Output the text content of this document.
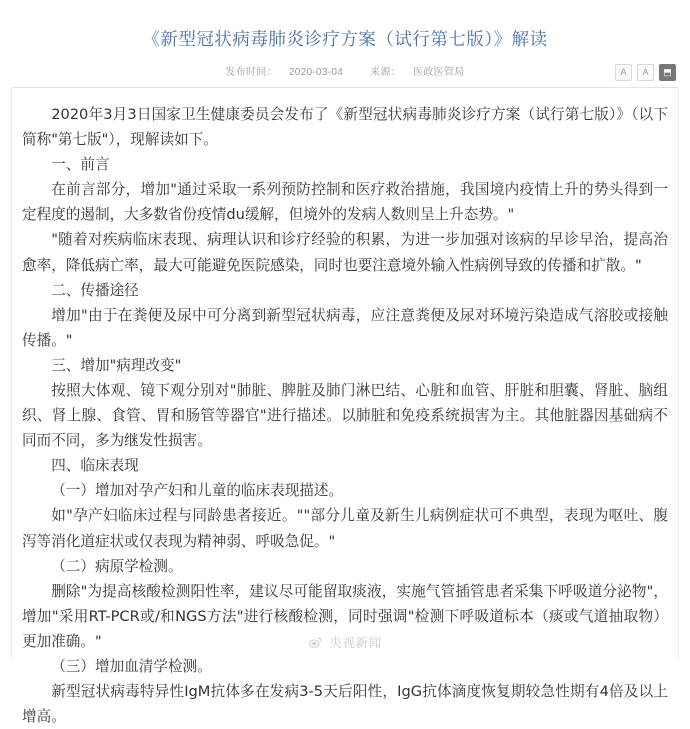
《新型冠状病毒肺炎诊疗方案（试行第七版）》解读
发布时间： 2020-03-04	来源： 医政医管局	A	A	⬒

2020年3月3日国家卫生健康委员会发布了《新型冠状病毒肺炎诊疗方案（试行第七版）》（以下简称"第七版"），现解读如下。

一、前言

在前言部分，增加"通过采取一系列预防控制和医疗救治措施，我国境内疫情上升的势头得到一定程度的遏制，大多数省份疫情du缓解，但境外的发病人数则呈上升态势。"

"随着对疾病临床表现、病理认识和诊疗经验的积累，为进一步加强对该病的早诊早治，提高治愈率，降低病亡率，最大可能避免医院感染，同时也要注意境外输入性病例导致的传播和扩散。"

二、传播途径

增加"由于在粪便及尿中可分离到新型冠状病毒，应注意粪便及尿对环境污染造成气溶胶或接触传播。"

三、增加"病理改变"

按照大体观、镜下观分别对"肺脏、脾脏及肺门淋巴结、心脏和血管、肝脏和胆囊、肾脏、脑组织、肾上腺、食管、胃和肠管等器官"进行描述。以肺脏和免疫系统损害为主。其他脏器因基础病不同而不同，多为继发性损害。

四、临床表现

（一）增加对孕产妇和儿童的临床表现描述。

如"孕产妇临床过程与同龄患者接近。""部分儿童及新生儿病例症状可不典型，表现为呕吐、腹泻等消化道症状或仅表现为精神弱、呼吸急促。"

（二）病原学检测。

删除"为提高核酸检测阳性率，建议尽可能留取痰液，实施气管插管患者采集下呼吸道分泌物"，增加"采用RT-PCR或/和NGS方法"进行核酸检测，同时强调"检测下呼吸道标本（痰或气道抽取物）更加准确。"

（三）增加血清学检测。

新型冠状病毒特异性IgM抗体多在发病3-5天后阳性，IgG抗体滴度恢复期较急性期有4倍及以上增高。

央视新闻
